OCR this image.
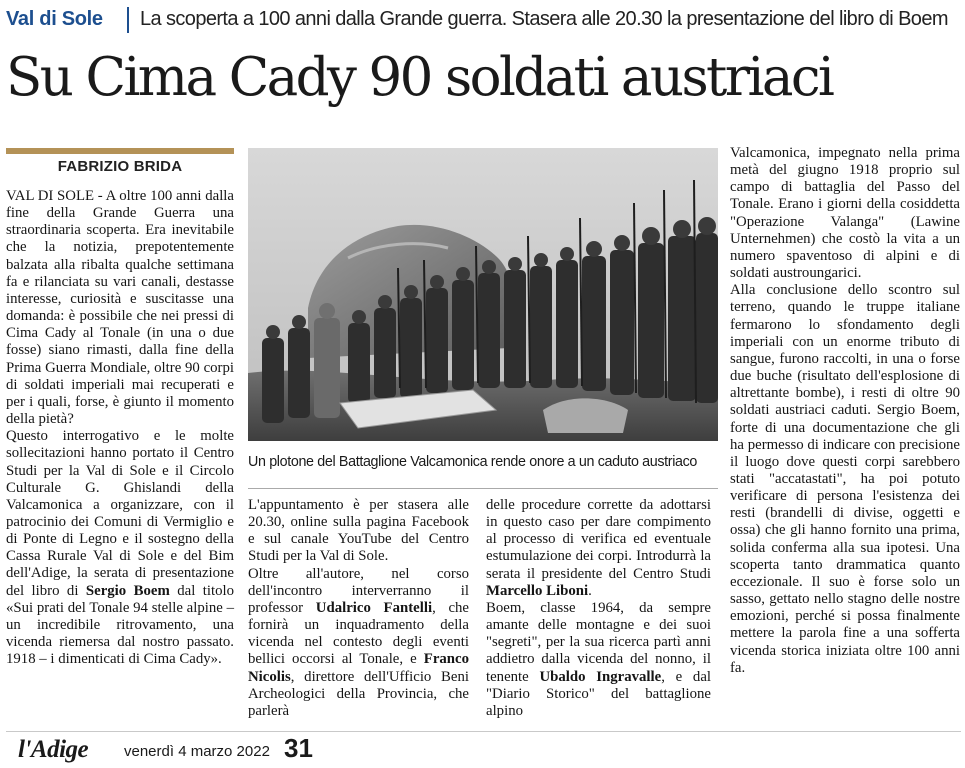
Val di Sole La scoperta a 100 anni dalla Grande guerra. Stasera alle 20.30 la presentazione del libro di Boem
Su Cima Cady 90 soldati austriaci
FABRIZIO BRIDA
Un plotone del Battaglione Valcamonica rende onore a un caduto austriaco

VAL DI SOLE - A oltre 100 anni dalla fine della Grande Guerra una straordinaria scoperta. Era inevitabile che la notizia, prepotentemente balzata alla ribalta qualche settimana fa e rilanciata su vari canali, destasse interesse, curiosità e suscitasse una domanda: è possibile che nei pressi di Cima Cady al Tonale (in una o due fosse) siano rimasti, dalla fine della Prima Guerra Mondiale, oltre 90 corpi di soldati imperiali mai recuperati e per i quali, forse, è giunto il momento della pietà?

Questo interrogativo e le molte sollecitazioni hanno portato il Centro Studi per la Val di Sole e il Circolo Culturale G. Ghislandi della Valcamonica a organizzare, con il patrocinio dei Comuni di Vermiglio e di Ponte di Legno e il sostegno della Cassa Rurale Val di Sole e del Bim dell'Adige, la serata di presentazione del libro di Sergio Boem dal titolo «Sui prati del Tonale 94 stelle alpine – un incredibile ritrovamento, una vicenda riemersa dal nostro passato. 1918 – i dimenticati di Cima Cady».

L'appuntamento è per stasera alle 20.30, online sulla pagina Facebook e sul canale YouTube del Centro Studi per la Val di Sole.

Oltre all'autore, nel corso dell'incontro interverranno il professor Udalrico Fantelli, che fornirà un inquadramento della vicenda nel contesto degli eventi bellici occorsi al Tonale, e Franco Nicolis, direttore dell'Ufficio Beni Archeologici della Provincia, che parlerà

delle procedure corrette da adottarsi in questo caso per dare compimento al processo di verifica ed eventuale estumulazione dei corpi. Introdurrà la serata il presidente del Centro Studi Marcello Liboni.

Boem, classe 1964, da sempre amante delle montagne e dei suoi "segreti", per la sua ricerca partì anni addietro dalla vicenda del nonno, il tenente Ubaldo Ingravalle, e dal "Diario Storico" del battaglione alpino

Valcamonica, impegnato nella prima metà del giugno 1918 proprio sul campo di battaglia del Passo del Tonale. Erano i giorni della cosiddetta "Operazione Valanga" (Lawine Unternehmen) che costò la vita a un numero spaventoso di alpini e di soldati austroungarici.

Alla conclusione dello scontro sul terreno, quando le truppe italiane fermarono lo sfondamento degli imperiali con un enorme tributo di sangue, furono raccolti, in una o forse due buche (risultato dell'esplosione di altrettante bombe), i resti di oltre 90 soldati austriaci caduti. Sergio Boem, forte di una documentazione che gli ha permesso di indicare con precisione il luogo dove questi corpi sarebbero stati "accatastati", ha poi potuto verificare di persona l'esistenza dei resti (brandelli di divise, oggetti e ossa) che gli hanno fornito una prima, solida conferma alla sua ipotesi. Una scoperta tanto drammatica quanto eccezionale. Il suo è forse solo un sasso, gettato nello stagno delle nostre emozioni, perché si possa finalmente mettere la parola fine a una sofferta vicenda storica iniziata oltre 100 anni fa.

l'Adige venerdì 4 marzo 2022 31
